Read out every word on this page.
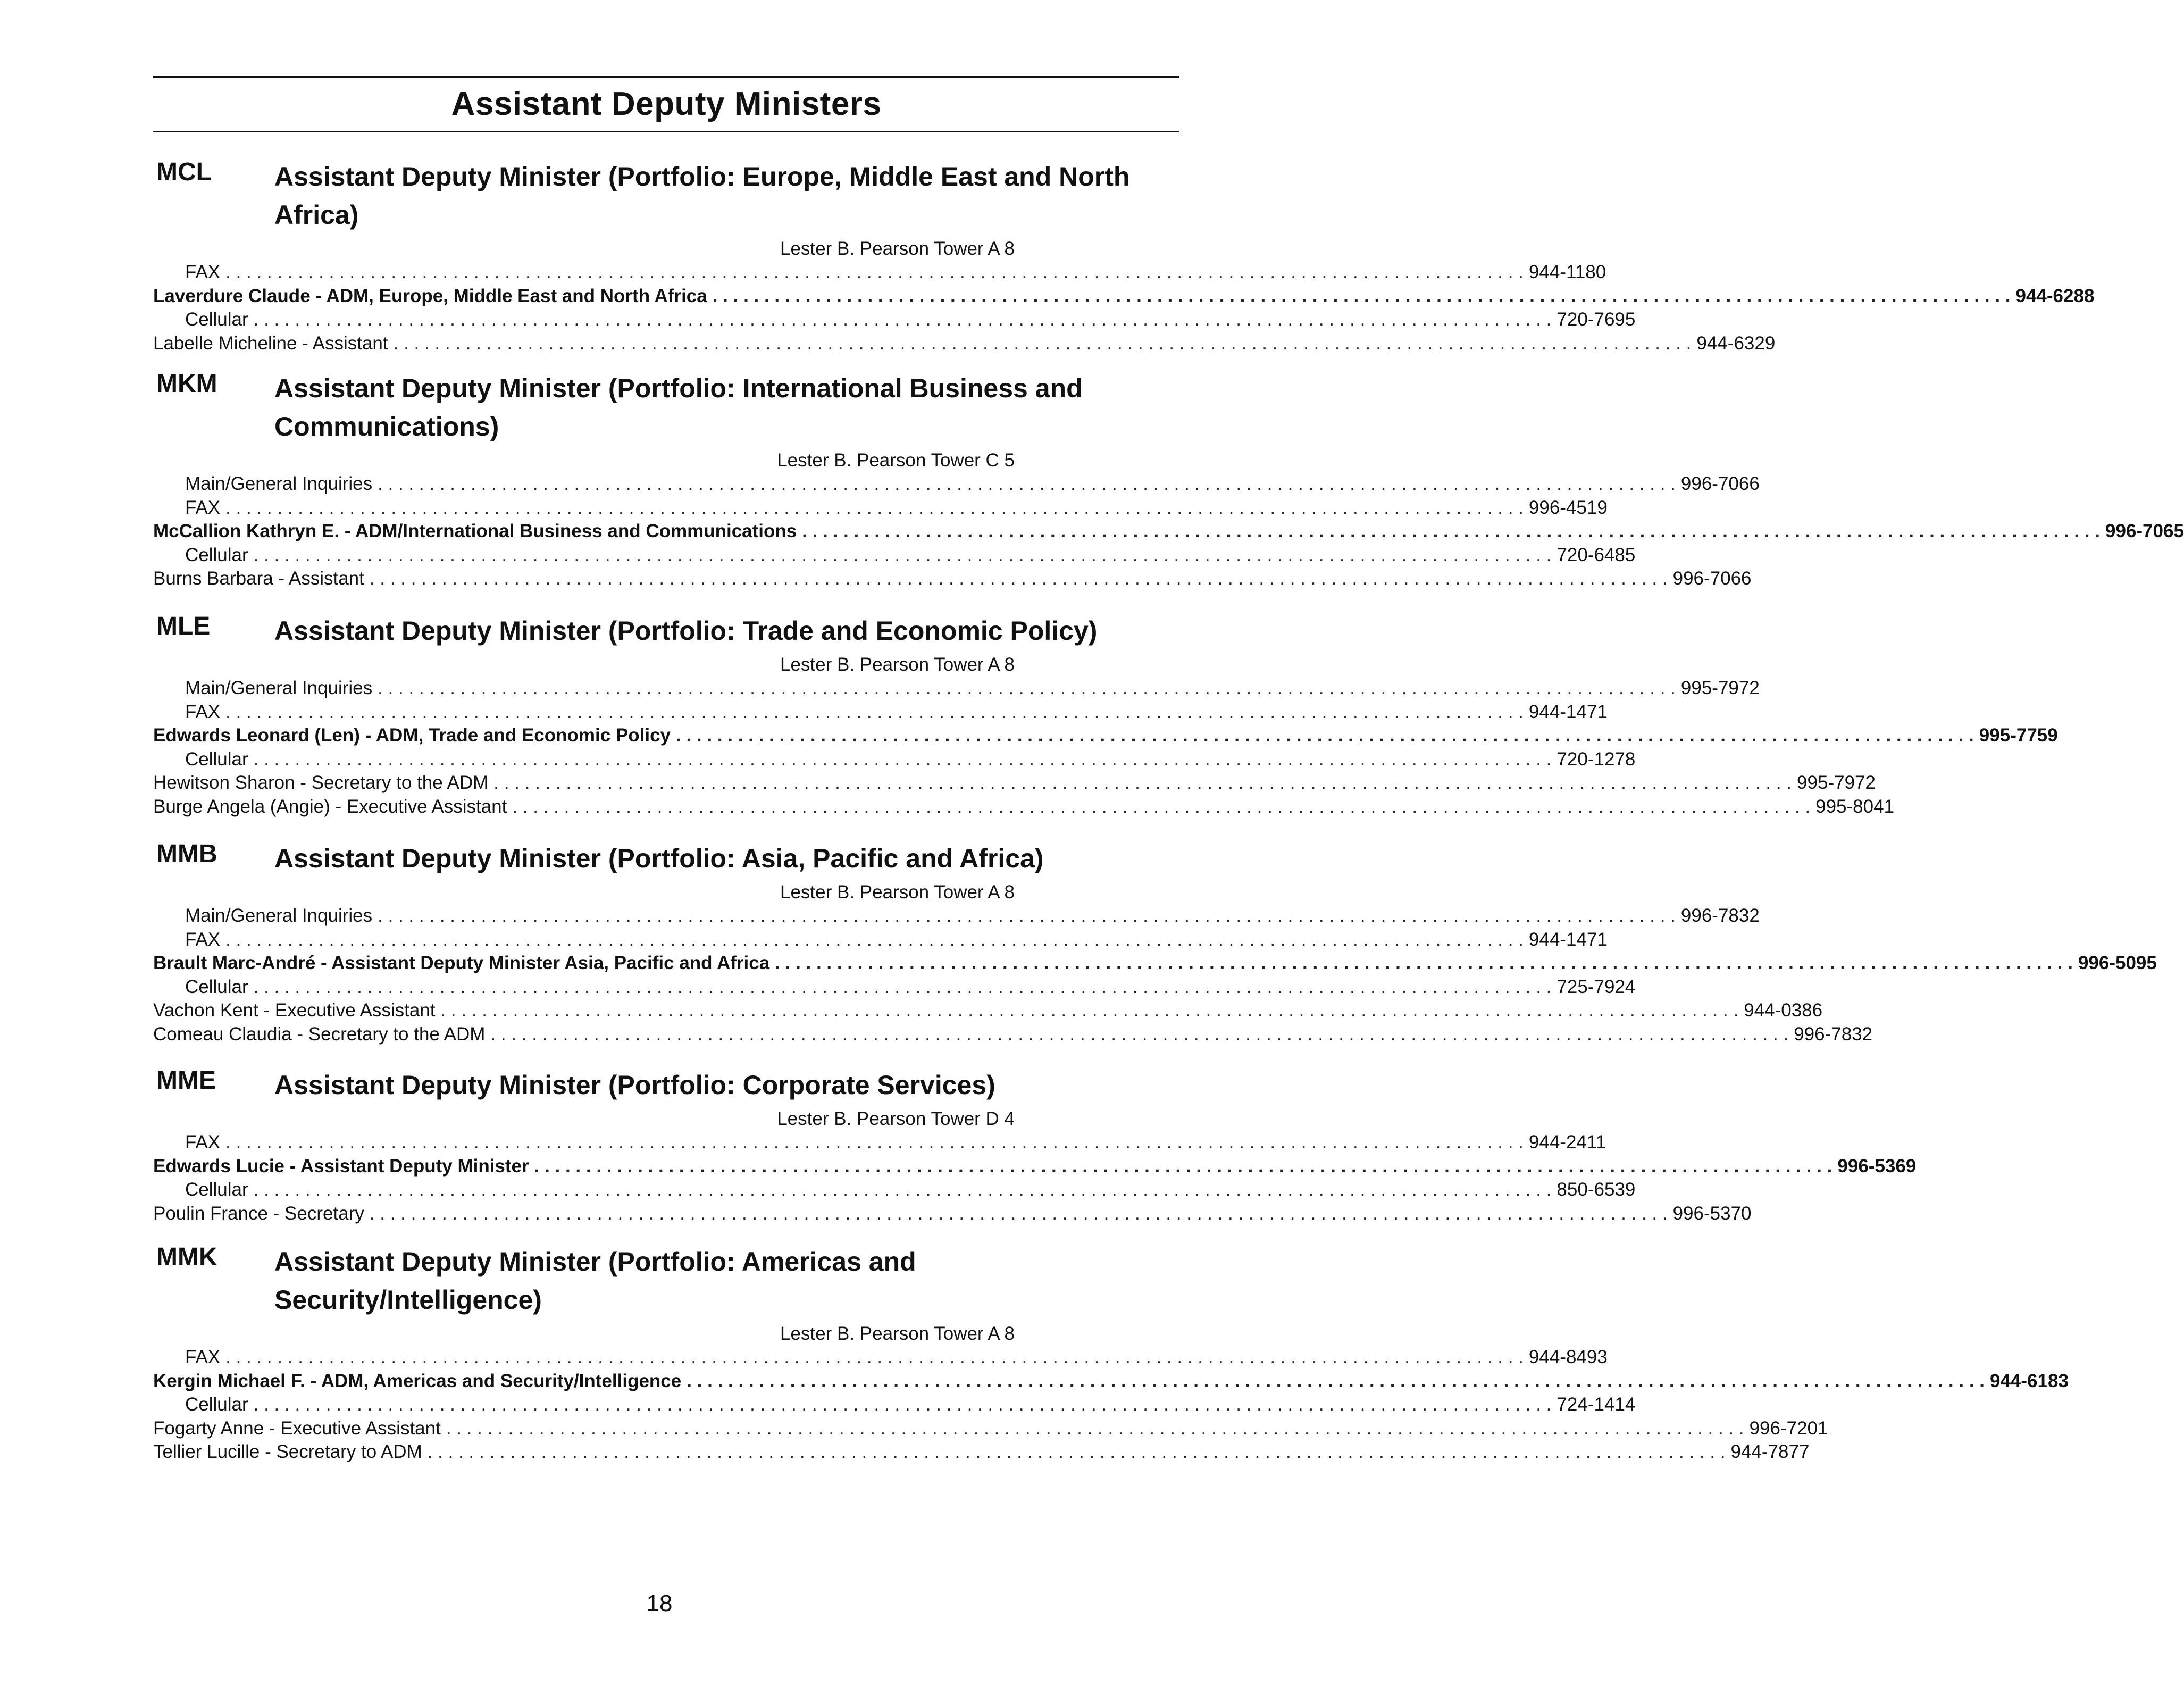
Assistant Deputy Ministers
MCL Assistant Deputy Minister (Portfolio: Europe, Middle East and North Africa)
Lester B. Pearson Tower A 8
FAX . . .	944-1180
Laverdure Claude - ADM, Europe, Middle East and North Africa . . .	944-6288
Cellular . . .	720-7695
Labelle Micheline - Assistant . . .	944-6329
MKM Assistant Deputy Minister (Portfolio: International Business and Communications)
Lester B. Pearson Tower C 5
Main/General Inquiries . . .	996-7066
FAX . . .	996-4519
McCallion Kathryn E. - ADM/International Business and Communications . . .	996-7065
Cellular . . .	720-6485
Burns Barbara - Assistant . . .	996-7066
MLE Assistant Deputy Minister (Portfolio: Trade and Economic Policy)
Lester B. Pearson Tower A 8
Main/General Inquiries . . .	995-7972
FAX . . .	944-1471
Edwards Leonard (Len) - ADM, Trade and Economic Policy . . .	995-7759
Cellular . . .	720-1278
Hewitson Sharon - Secretary to the ADM . . .	995-7972
Burge Angela (Angie) - Executive Assistant . . .	995-8041
MMB Assistant Deputy Minister (Portfolio: Asia, Pacific and Africa)
Lester B. Pearson Tower A 8
Main/General Inquiries . . .	996-7832
FAX . . .	944-1471
Brault Marc-André - Assistant Deputy Minister Asia, Pacific and Africa . . .	996-5095
Cellular . . .	725-7924
Vachon Kent - Executive Assistant . . .	944-0386
Comeau Claudia - Secretary to the ADM . . .	996-7832
MME Assistant Deputy Minister (Portfolio: Corporate Services)
Lester B. Pearson Tower D 4
FAX . . .	944-2411
Edwards Lucie - Assistant Deputy Minister . . .	996-5369
Cellular . . .	850-6539
Poulin France - Secretary . . .	996-5370
MMK Assistant Deputy Minister (Portfolio: Americas and Security/Intelligence)
Lester B. Pearson Tower A 8
FAX . . .	944-8493
Kergin Michael F. - ADM, Americas and Security/Intelligence . . .	944-6183
Cellular . . .	724-1414
Fogarty Anne - Executive Assistant . . .	996-7201
Tellier Lucille - Secretary to ADM . . .	944-7877
18
